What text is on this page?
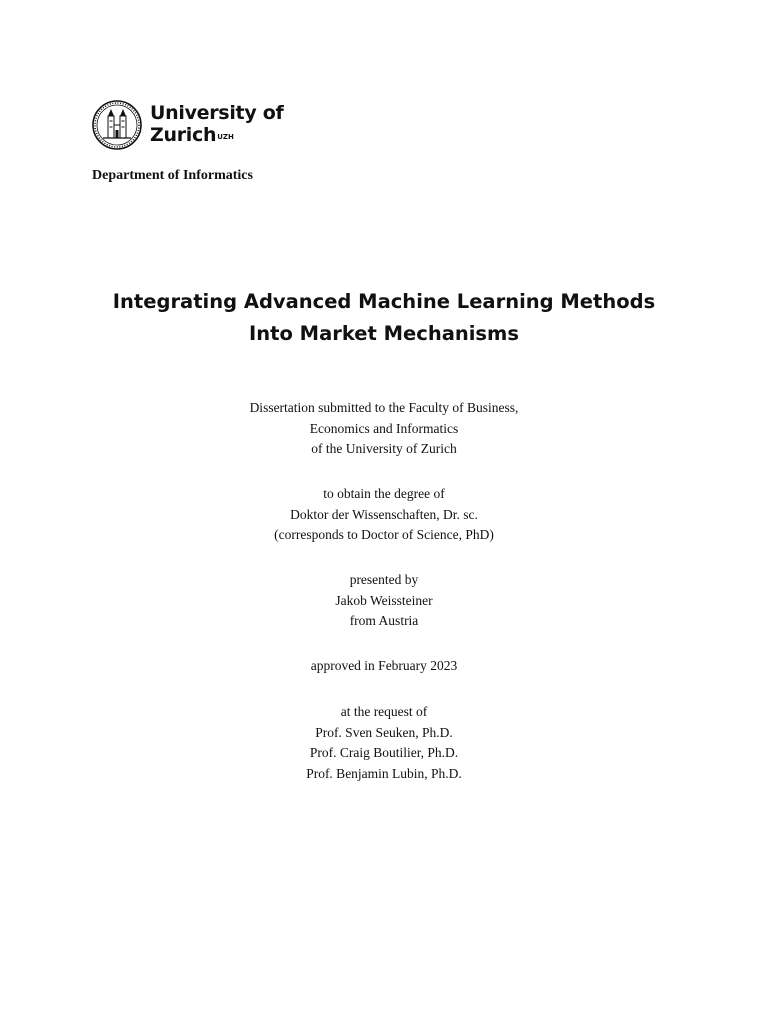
University of
Zurich$^{UZH}$

Department of Informatics

Integrating Advanced Machine Learning Methods
Into Market Mechanisms
Dissertation submitted to the Faculty of Business,
Economics and Informatics
of the University of Zurich
to obtain the degree of
Doktor der Wissenschaften, Dr. sc.
(corresponds to Doctor of Science, PhD)
presented by
Jakob Weissteiner
from Austria
approved in February 2023
at the request of
Prof. Sven Seuken, Ph.D.
Prof. Craig Boutilier, Ph.D.
Prof. Benjamin Lubin, Ph.D.
